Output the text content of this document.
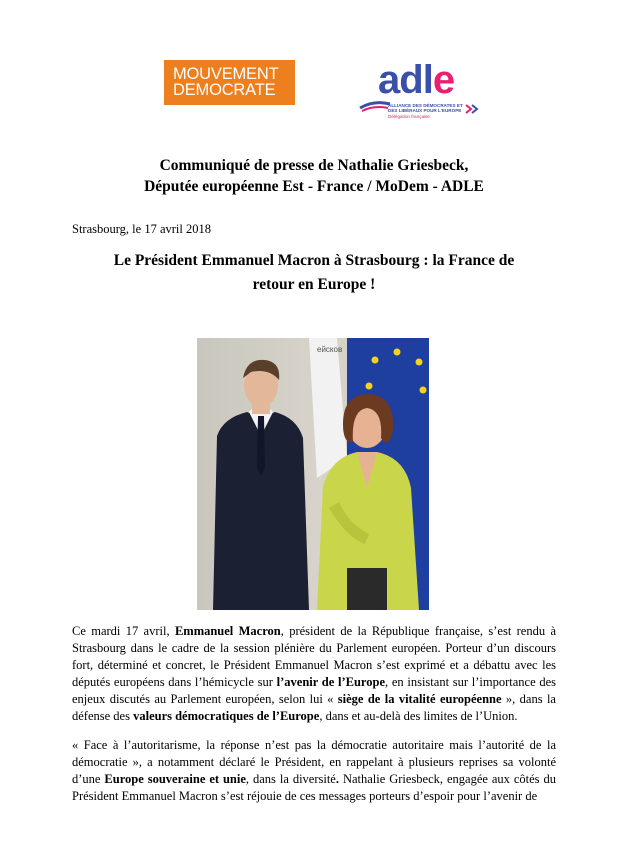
MOUVEMENT
DEMOCRATE	adle
ALLIANCE DES DÉMOCRATES ET
DES LIBÉRAUX POUR L'EUROPE
Délégation française
Communiqué de presse de Nathalie Griesbeck,
Députée européenne Est - France / MoDem - ADLE
Strasbourg, le 17 avril 2018
Le Président Emmanuel Macron à Strasbourg : la France de
retour en Europe !
ейсков
Ce mardi 17 avril, Emmanuel Macron, président de la République française, s’est rendu à Strasbourg dans le cadre de la session plénière du Parlement européen. Porteur d’un discours fort, déterminé et concret, le Président Emmanuel Macron s’est exprimé et a débattu avec les députés européens dans l’hémicycle sur l’avenir de l’Europe, en insistant sur l’importance des enjeux discutés au Parlement européen, selon lui « siège de la vitalité européenne », dans la défense des valeurs démocratiques de l’Europe, dans et au-delà des limites de l’Union.
« Face à l’autoritarisme, la réponse n’est pas la démocratie autoritaire mais l’autorité de la démocratie », a notamment déclaré le Président, en rappelant à plusieurs reprises sa volonté d’une Europe souveraine et unie, dans la diversité. Nathalie Griesbeck, engagée aux côtés du Président Emmanuel Macron s’est réjouie de ces messages porteurs d’espoir pour l’avenir de
